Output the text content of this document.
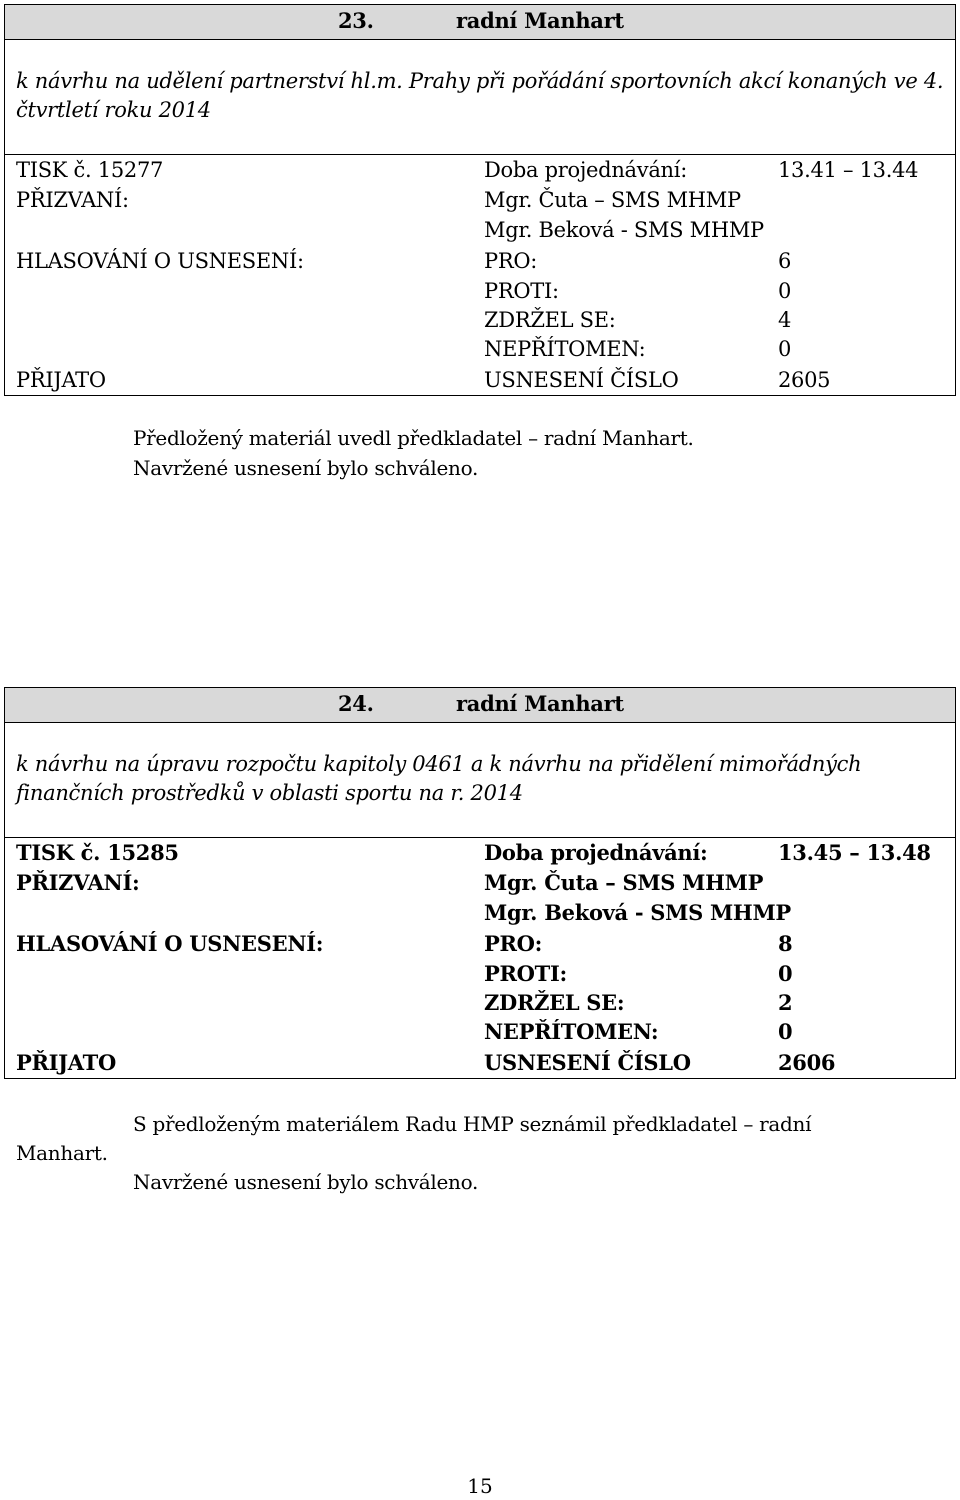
23.	radní Manhart
k návrhu na udělení partnerství hl.m. Prahy při pořádání sportovních akcí konaných ve 4.
čtvrtletí roku 2014
TISK č. 15277	Doba projednávání:	13.41 – 13.44
PŘIZVANÍ:	Mgr. Čuta – SMS MHMP
Mgr. Beková - SMS MHMP
HLASOVÁNÍ O USNESENÍ:	PRO:	6
PROTI:	0
ZDRŽEL SE:	4
NEPŘÍTOMEN:	0
PŘIJATO	USNESENÍ ČÍSLO	2605
Předložený materiál uvedl předkladatel – radní Manhart.
Navržené usnesení bylo schváleno.
24.	radní Manhart
k návrhu na úpravu rozpočtu kapitoly 0461 a k návrhu na přidělení mimořádných
finančních prostředků v oblasti sportu na r. 2014
TISK č. 15285	Doba projednávání:	13.45 – 13.48
PŘIZVANÍ:	Mgr. Čuta – SMS MHMP
Mgr. Beková - SMS MHMP
HLASOVÁNÍ O USNESENÍ:	PRO:	8
PROTI:	0
ZDRŽEL SE:	2
NEPŘÍTOMEN:	0
PŘIJATO	USNESENÍ ČÍSLO	2606
S předloženým materiálem Radu HMP seznámil předkladatel – radní
Manhart.
Navržené usnesení bylo schváleno.
15
